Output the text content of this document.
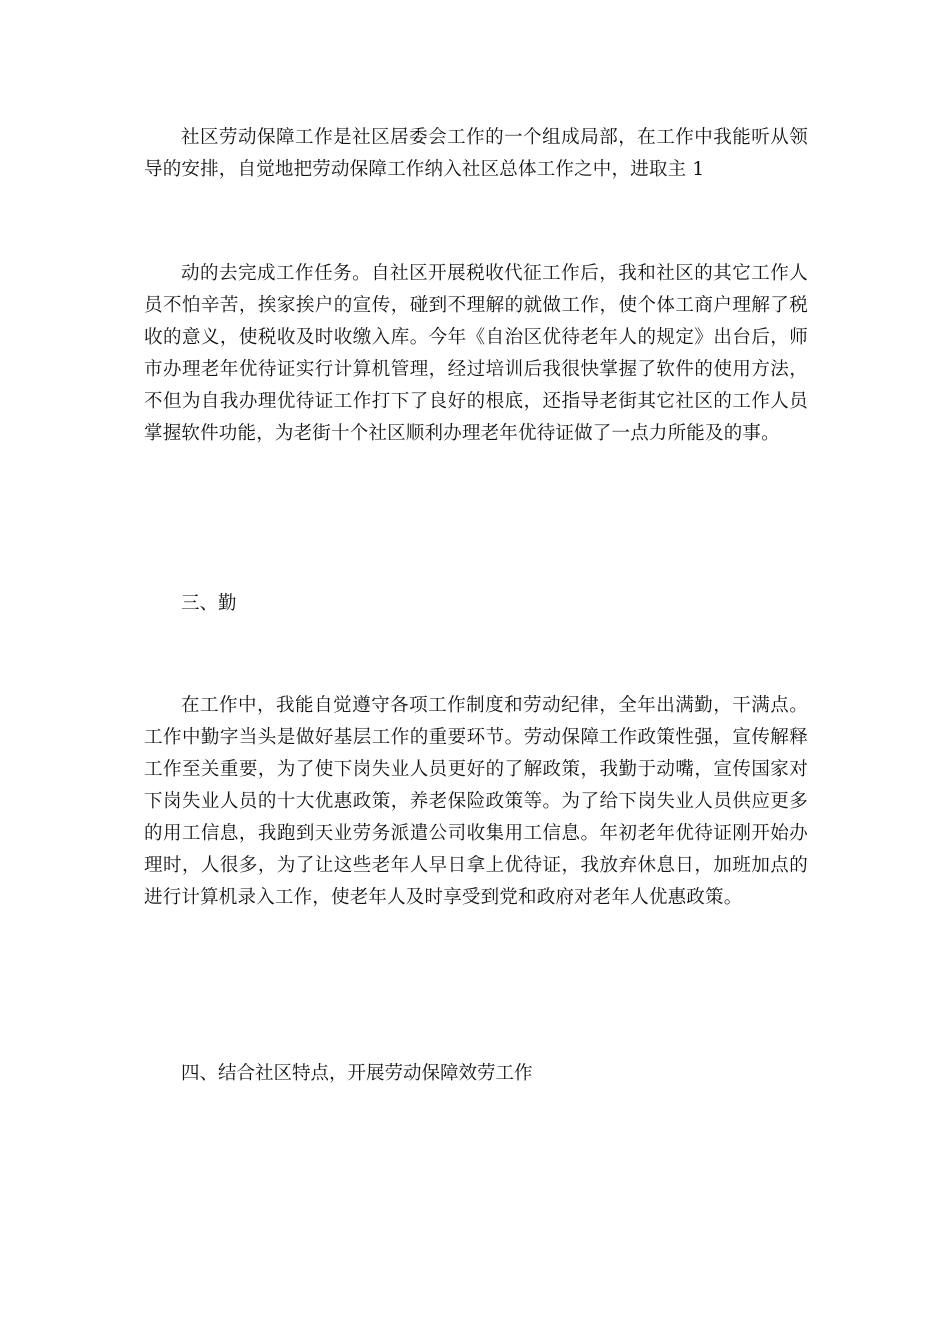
社区劳动保障工作是社区居委会工作的一个组成局部，在工作中我能听从领导的安排，自觉地把劳动保障工作纳入社区总体工作之中，进取主 1

动的去完成工作任务。自社区开展税收代征工作后，我和社区的其它工作人员不怕辛苦，挨家挨户的宣传，碰到不理解的就做工作，使个体工商户理解了税收的意义，使税收及时收缴入库。今年《自治区优待老年人的规定》出台后，师市办理老年优待证实行计算机管理，经过培训后我很快掌握了软件的使用方法，不但为自我办理优待证工作打下了良好的根底，还指导老街其它社区的工作人员掌握软件功能，为老街十个社区顺利办理老年优待证做了一点力所能及的事。

三、勤

在工作中，我能自觉遵守各项工作制度和劳动纪律，全年出满勤，干满点。工作中勤字当头是做好基层工作的重要环节。劳动保障工作政策性强，宣传解释工作至关重要，为了使下岗失业人员更好的了解政策，我勤于动嘴，宣传国家对下岗失业人员的十大优惠政策，养老保险政策等。为了给下岗失业人员供应更多的用工信息，我跑到天业劳务派遣公司收集用工信息。年初老年优待证刚开始办理时，人很多，为了让这些老年人早日拿上优待证，我放弃休息日，加班加点的进行计算机录入工作，使老年人及时享受到党和政府对老年人优惠政策。

四、结合社区特点，开展劳动保障效劳工作
